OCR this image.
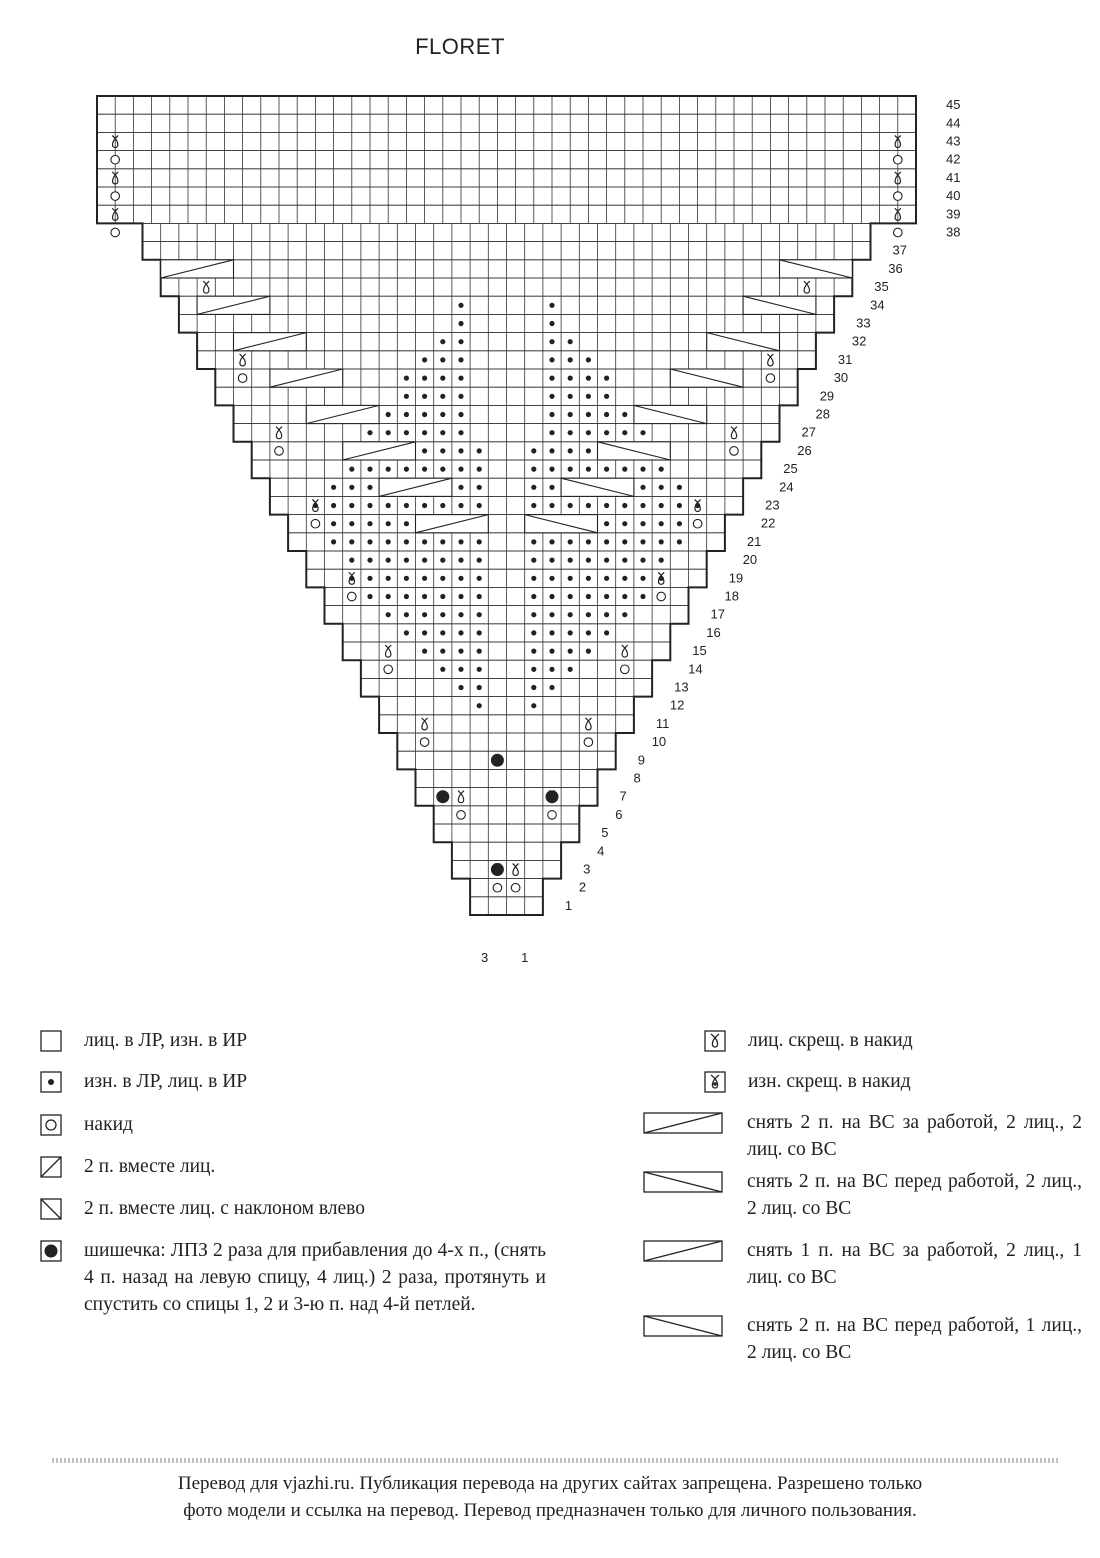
FLORET
1
2
3
4
5
6
7
8
9
10
11
12
13
14
15
16
17
18
19
20
21
22
23
24
25
26
27
28
29
30
31
32
33
34
35
36
37
38
39
40
41
42
43
44
45
3	1
лиц. в ЛР, изн. в ИР
изн. в ЛР, лиц. в ИР
накид
2 п. вместе лиц.
2 п. вместе лиц. с наклоном влево
шишечка: ЛПЗ 2 раза для прибавления до 4-х п., (снять 4 п. назад на левую спицу, 4 лиц.) 2 раза, протянуть и спустить со спицы 1, 2 и 3-ю п. над 4-й петлей.
лиц. скрещ. в накид
изн. скрещ. в накид
снять 2 п. на ВС за работой, 2 лиц., 2 лиц. со ВС
снять 2 п. на ВС перед работой, 2 лиц., 2 лиц. со ВС
снять 1 п. на ВС за работой, 2 лиц., 1 лиц. со ВС
снять 2 п. на ВС перед работой, 1 лиц., 2 лиц. со ВС

Перевод для vjazhi.ru. Публикация перевода на других сайтах запрещена. Разрешено только

фото модели и ссылка на перевод. Перевод предназначен только для личного пользования.
